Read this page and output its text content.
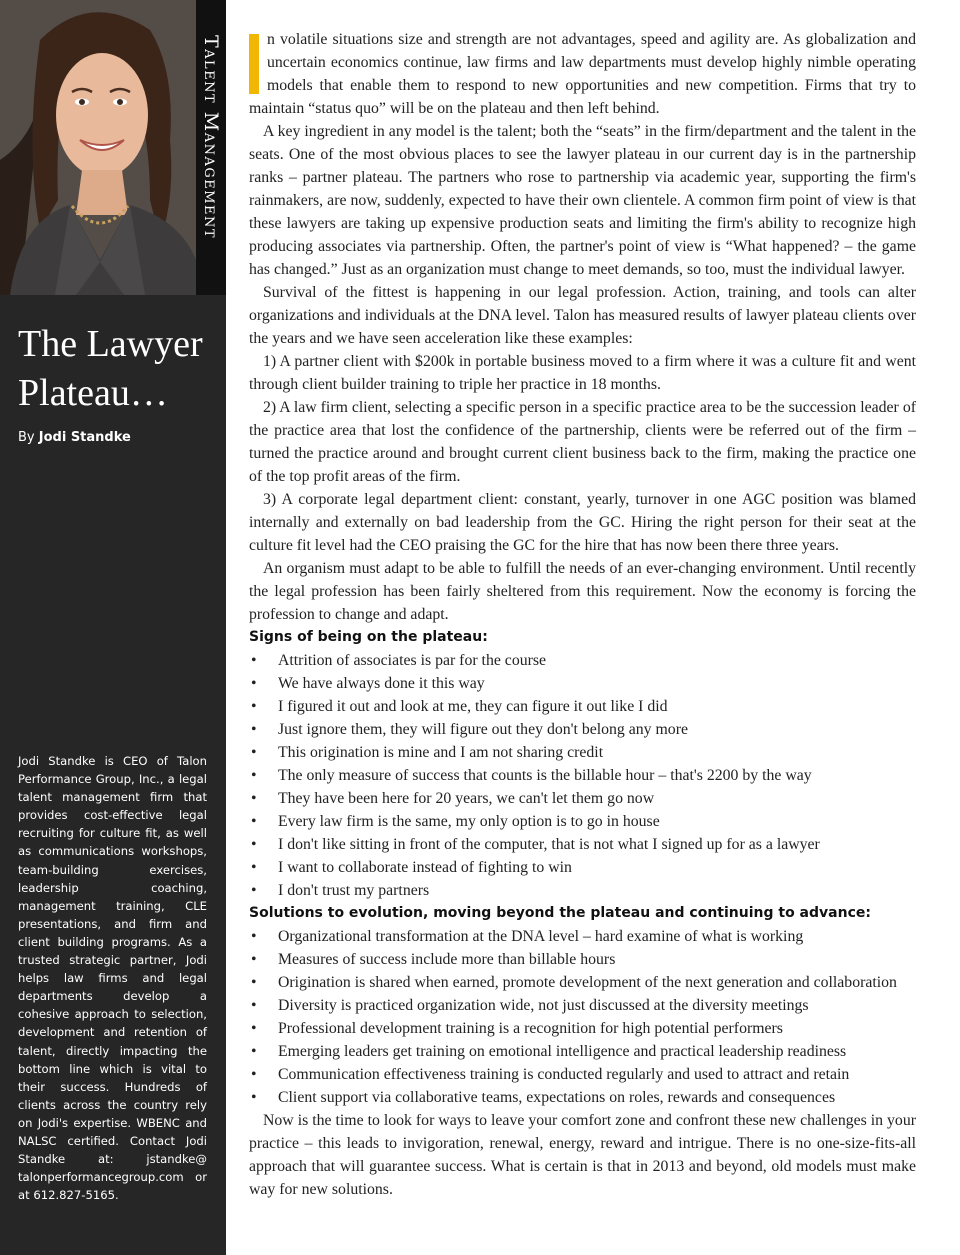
Talent Management
The Lawyer
Plateau…
By Jodi Standke

Jodi Standke is CEO of Talon Performance Group, Inc., a legal talent management firm that provides cost-effective legal recruiting for culture fit, as well as communications workshops, team-building exercises, leadership coaching, management training, CLE presentations, and firm and client building programs. As a trusted strategic partner, Jodi helps law firms and legal departments develop a cohesive approach to selection, development and retention of talent, directly impacting the bottom line which is vital to their success. Hundreds of clients across the country rely on Jodi's expertise. WBENC and NALSC certified. Contact Jodi Standke at: jstandke@ talonperformancegroup.com or at 612.827-5165.

n volatile situations size and strength are not advantages, speed and agility are. As globalization and uncertain economics continue, law firms and law departments must develop highly nimble operating models that enable them to respond to new opportunities and new competition. Firms that try to maintain “status quo” will be on the plateau and then left behind.

A key ingredient in any model is the talent; both the “seats” in the firm/department and the talent in the seats. One of the most obvious places to see the lawyer plateau in our current day is in the partnership ranks – partner plateau. The partners who rose to partnership via academic year, supporting the firm's rainmakers, are now, suddenly, expected to have their own clientele. A common firm point of view is that these lawyers are taking up expensive production seats and limiting the firm's ability to recognize high producing associates via partnership. Often, the partner's point of view is “What happened? – the game has changed.” Just as an organization must change to meet demands, so too, must the individual lawyer.

Survival of the fittest is happening in our legal profession. Action, training, and tools can alter organizations and individuals at the DNA level. Talon has measured results of lawyer plateau clients over the years and we have seen acceleration like these examples:

1) A partner client with $200k in portable business moved to a firm where it was a culture fit and went through client builder training to triple her practice in 18 months.

2) A law firm client, selecting a specific person in a specific practice area to be the succession leader of the practice area that lost the confidence of the partnership, clients were be referred out of the firm – turned the practice around and brought current client business back to the firm, making the practice one of the top profit areas of the firm.

3) A corporate legal department client: constant, yearly, turnover in one AGC position was blamed internally and externally on bad leadership from the GC. Hiring the right person for their seat at the culture fit level had the CEO praising the GC for the hire that has now been there three years.

An organism must adapt to be able to fulfill the needs of an ever-changing environment. Until recently the legal profession has been fairly sheltered from this requirement. Now the economy is forcing the profession to change and adapt.

Signs of being on the plateau:
• Attrition of associates is par for the course
• We have always done it this way
• I figured it out and look at me, they can figure it out like I did
• Just ignore them, they will figure out they don't belong any more
• This origination is mine and I am not sharing credit
• The only measure of success that counts is the billable hour – that's 2200 by the way
• They have been here for 20 years, we can't let them go now
• Every law firm is the same, my only option is to go in house
• I don't like sitting in front of the computer, that is not what I signed up for as a lawyer
• I want to collaborate instead of fighting to win
• I don't trust my partners
Solutions to evolution, moving beyond the plateau and continuing to advance:
• Organizational transformation at the DNA level – hard examine of what is working
• Measures of success include more than billable hours
• Origination is shared when earned, promote development of the next generation and collaboration
• Diversity is practiced organization wide, not just discussed at the diversity meetings
• Professional development training is a recognition for high potential performers
• Emerging leaders get training on emotional intelligence and practical leadership readiness
• Communication effectiveness training is conducted regularly and used to attract and retain
• Client support via collaborative teams, expectations on roles, rewards and consequences

Now is the time to look for ways to leave your comfort zone and confront these new challenges in your practice – this leads to invigoration, renewal, energy, reward and intrigue. There is no one-size-fits-all approach that will guarantee success. What is certain is that in 2013 and beyond, old models must make way for new solutions.
